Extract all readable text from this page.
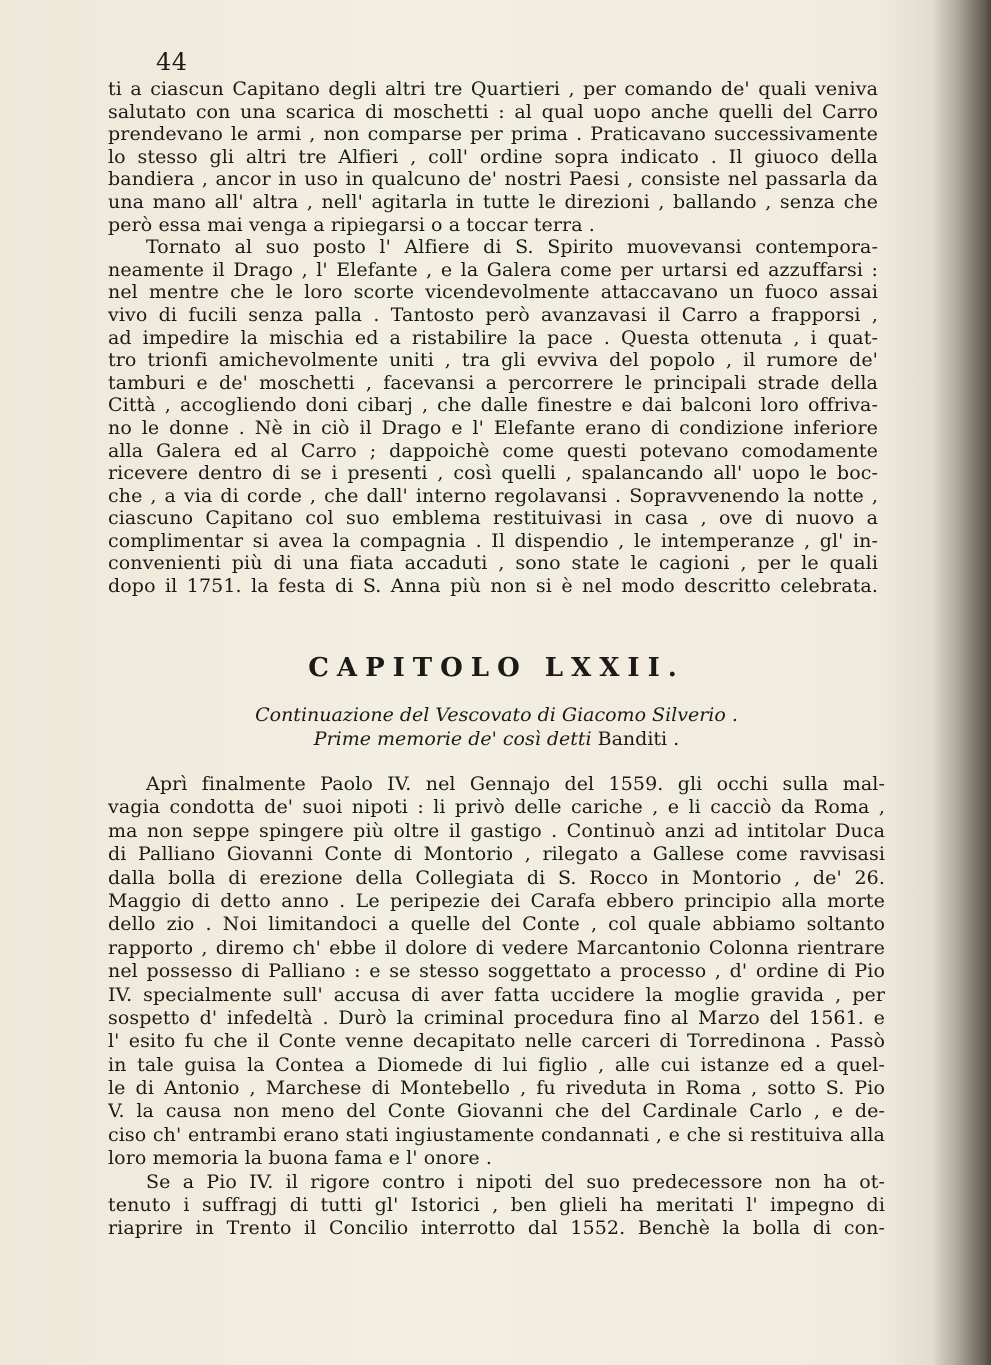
44
ti a ciascun Capitano degli altri tre Quartieri , per comando de' quali veniva
salutato con una scarica di moschetti : al qual uopo anche quelli del Carro
prendevano le armi , non comparse per prima . Praticavano successivamente
lo stesso gli altri tre Alfieri , coll' ordine sopra indicato . Il giuoco della
bandiera , ancor in uso in qualcuno de' nostri Paesi , consiste nel passarla da
una mano all' altra , nell' agitarla in tutte le direzioni , ballando , senza che
però essa mai venga a ripiegarsi o a toccar terra .
Tornato al suo posto l' Alfiere di S. Spirito muovevansi contempora-
neamente il Drago , l' Elefante , e la Galera come per urtarsi ed azzuffarsi :
nel mentre che le loro scorte vicendevolmente attaccavano un fuoco assai
vivo di fucili senza palla . Tantosto però avanzavasi il Carro a frapporsi ,
ad impedire la mischia ed a ristabilire la pace . Questa ottenuta , i quat-
tro trionfi amichevolmente uniti , tra gli evviva del popolo , il rumore de'
tamburi e de' moschetti , facevansi a percorrere le principali strade della
Città , accogliendo doni cibarj , che dalle finestre e dai balconi loro offriva-
no le donne . Nè in ciò il Drago e l' Elefante erano di condizione inferiore
alla Galera ed al Carro ; dappoichè come questi potevano comodamente
ricevere dentro di se i presenti , così quelli , spalancando all' uopo le boc-
che , a via di corde , che dall' interno regolavansi . Sopravvenendo la notte ,
ciascuno Capitano col suo emblema restituivasi in casa , ove di nuovo a
complimentar si avea la compagnia . Il dispendio , le intemperanze , gl' in-
convenienti più di una fiata accaduti , sono state le cagioni , per le quali
dopo il 1751. la festa di S. Anna più non si è nel modo descritto celebrata.
CAPITOLO LXXII.
Continuazione del Vescovato di Giacomo Silverio .
Prime memorie de' così detti Banditi .
Aprì finalmente Paolo IV. nel Gennajo del 1559. gli occhi sulla mal-
vagia condotta de' suoi nipoti : li privò delle cariche , e li cacciò da Roma ,
ma non seppe spingere più oltre il gastigo . Continuò anzi ad intitolar Duca
di Palliano Giovanni Conte di Montorio , rilegato a Gallese come ravvisasi
dalla bolla di erezione della Collegiata di S. Rocco in Montorio , de' 26.
Maggio di detto anno . Le peripezie dei Carafa ebbero principio alla morte
dello zio . Noi limitandoci a quelle del Conte , col quale abbiamo soltanto
rapporto , diremo ch' ebbe il dolore di vedere Marcantonio Colonna rientrare
nel possesso di Palliano : e se stesso soggettato a processo , d' ordine di Pio
IV. specialmente sull' accusa di aver fatta uccidere la moglie gravida , per
sospetto d' infedeltà . Durò la criminal procedura fino al Marzo del 1561. e
l' esito fu che il Conte venne decapitato nelle carceri di Torredinona . Passò
in tale guisa la Contea a Diomede di lui figlio , alle cui istanze ed a quel-
le di Antonio , Marchese di Montebello , fu riveduta in Roma , sotto S. Pio
V. la causa non meno del Conte Giovanni che del Cardinale Carlo , e de-
ciso ch' entrambi erano stati ingiustamente condannati , e che si restituiva alla
loro memoria la buona fama e l' onore .
Se a Pio IV. il rigore contro i nipoti del suo predecessore non ha ot-
tenuto i suffragj di tutti gl' Istorici , ben glieli ha meritati l' impegno di
riaprire in Trento il Concilio interrotto dal 1552. Benchè la bolla di con-
